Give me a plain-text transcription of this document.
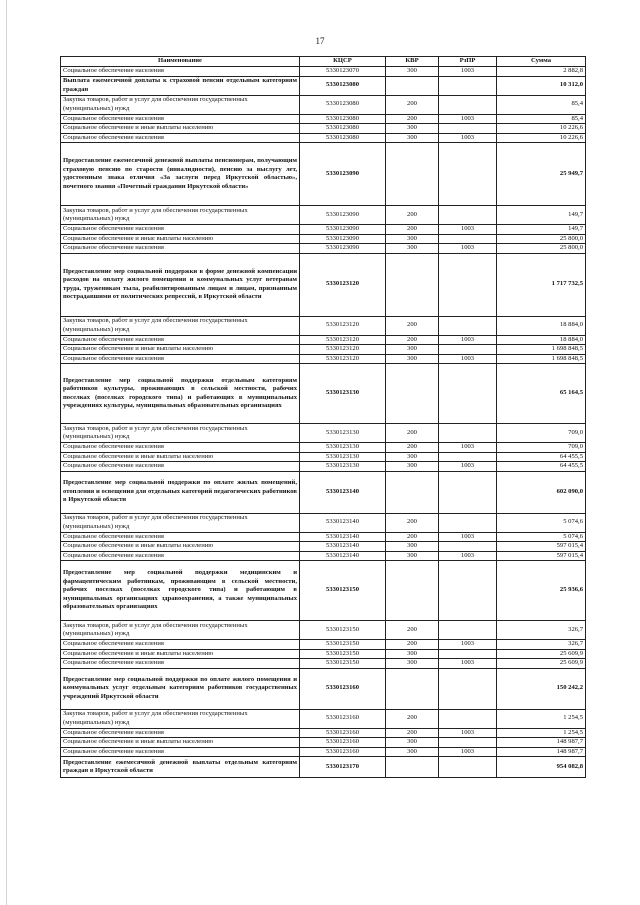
17
Наименование	КЦСР	КВР	РзПР	Сумма
Социальное обеспечение населения	5330123070	300	1003	2 882,8
Выплата ежемесячной доплаты к страховой пенсии отдельным категориям граждан	5330123080			10 312,0
Закупка товаров, работ и услуг для обеспечения государственных (муниципальных) нужд	5330123080	200		85,4
Социальное обеспечение населения	5330123080	200	1003	85,4
Социальное обеспечение и иные выплаты населению	5330123080	300		10 226,6
Социальное обеспечение населения	5330123080	300	1003	10 226,6
Предоставление ежемесячной денежной выплаты пенсионерам, получающим страховую пенсию по старости (инвалидности), пенсию за выслугу лет, удостоенным знака отличия «За заслуги перед Иркутской областью», почетного звания «Почетный гражданин Иркутской области»	5330123090			25 949,7
Закупка товаров, работ и услуг для обеспечения государственных (муниципальных) нужд	5330123090	200		149,7
Социальное обеспечение населения	5330123090	200	1003	149,7
Социальное обеспечение и иные выплаты населению	5330123090	300		25 800,0
Социальное обеспечение населения	5330123090	300	1003	25 800,0
Предоставление мер социальной поддержки в форме денежной компенсации расходов на оплату жилого помещения и коммунальных услуг ветеранам труда, труженикам тыла, реабилитированным лицам и лицам, признанным пострадавшими от политических репрессий, в Иркутской области	5330123120			1 717 732,5
Закупка товаров, работ и услуг для обеспечения государственных (муниципальных) нужд	5330123120	200		18 884,0
Социальное обеспечение населения	5330123120	200	1003	18 884,0
Социальное обеспечение и иные выплаты населению	5330123120	300		1 698 848,5
Социальное обеспечение населения	5330123120	300	1003	1 698 848,5
Предоставление мер социальной поддержки отдельным категориям работников культуры, проживающих в сельской местности, рабочих поселках (поселках городского типа) и работающих в муниципальных учреждениях культуры, муниципальных образовательных организациях	5330123130			65 164,5
Закупка товаров, работ и услуг для обеспечения государственных (муниципальных) нужд	5330123130	200		709,0
Социальное обеспечение населения	5330123130	200	1003	709,0
Социальное обеспечение и иные выплаты населению	5330123130	300		64 455,5
Социальное обеспечение населения	5330123130	300	1003	64 455,5
Предоставление мер социальной поддержки по оплате жилых помещений, отопления и освещения для отдельных категорий педагогических работников в Иркутской области	5330123140			602 090,0
Закупка товаров, работ и услуг для обеспечения государственных (муниципальных) нужд	5330123140	200		5 074,6
Социальное обеспечение населения	5330123140	200	1003	5 074,6
Социальное обеспечение и иные выплаты населению	5330123140	300		597 015,4
Социальное обеспечение населения	5330123140	300	1003	597 015,4
Предоставление мер социальной поддержки медицинским и фармацевтическим работникам, проживающим в сельской местности, рабочих поселках (поселках городского типа) и работающим в муниципальных организациях здравоохранения, а также муниципальных образовательных организациях	5330123150			25 936,6
Закупка товаров, работ и услуг для обеспечения государственных (муниципальных) нужд	5330123150	200		326,7
Социальное обеспечение населения	5330123150	200	1003	326,7
Социальное обеспечение и иные выплаты населению	5330123150	300		25 609,9
Социальное обеспечение населения	5330123150	300	1003	25 609,9
Предоставление мер социальной поддержки по оплате жилого помещения и коммунальных услуг отдельным категориям работников государственных учреждений Иркутской области	5330123160			150 242,2
Закупка товаров, работ и услуг для обеспечения государственных (муниципальных) нужд	5330123160	200		1 254,5
Социальное обеспечение населения	5330123160	200	1003	1 254,5
Социальное обеспечение и иные выплаты населению	5330123160	300		148 987,7
Социальное обеспечение населения	5330123160	300	1003	148 987,7
Предоставление ежемесячной денежной выплаты отдельным категориям граждан в Иркутской области	5330123170			954 082,8
